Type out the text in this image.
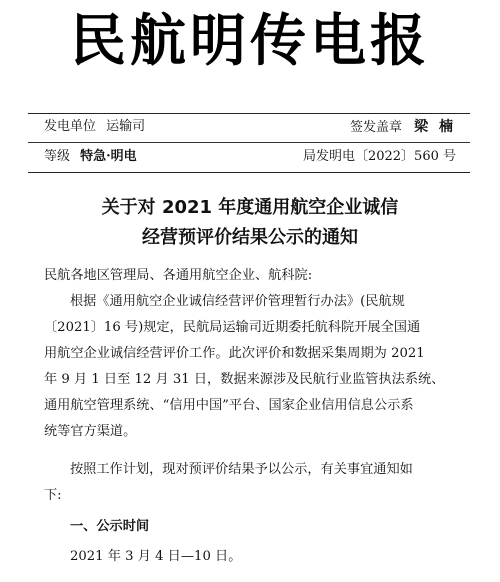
民航明传电报
发电单位 运输司	签发盖章 梁 楠
等级 特急·明电	局发明电〔2022〕560 号
关于对 2021 年度通用航空企业诚信
经营预评价结果公示的通知
民航各地区管理局、各通用航空企业、航科院:
根据《通用航空企业诚信经营评价管理暂行办法》(民航规
〔2021〕16 号)规定，民航局运输司近期委托航科院开展全国通
用航空企业诚信经营评价工作。此次评价和数据采集周期为 2021
年 9 月 1 日至 12 月 31 日，数据来源涉及民航行业监管执法系统、
通用航空管理系统、“信用中国”平台、国家企业信用信息公示系
统等官方渠道。
按照工作计划，现对预评价结果予以公示，有关事宜通知如
下:
一、公示时间
2021 年 3 月 4 日—10 日。
